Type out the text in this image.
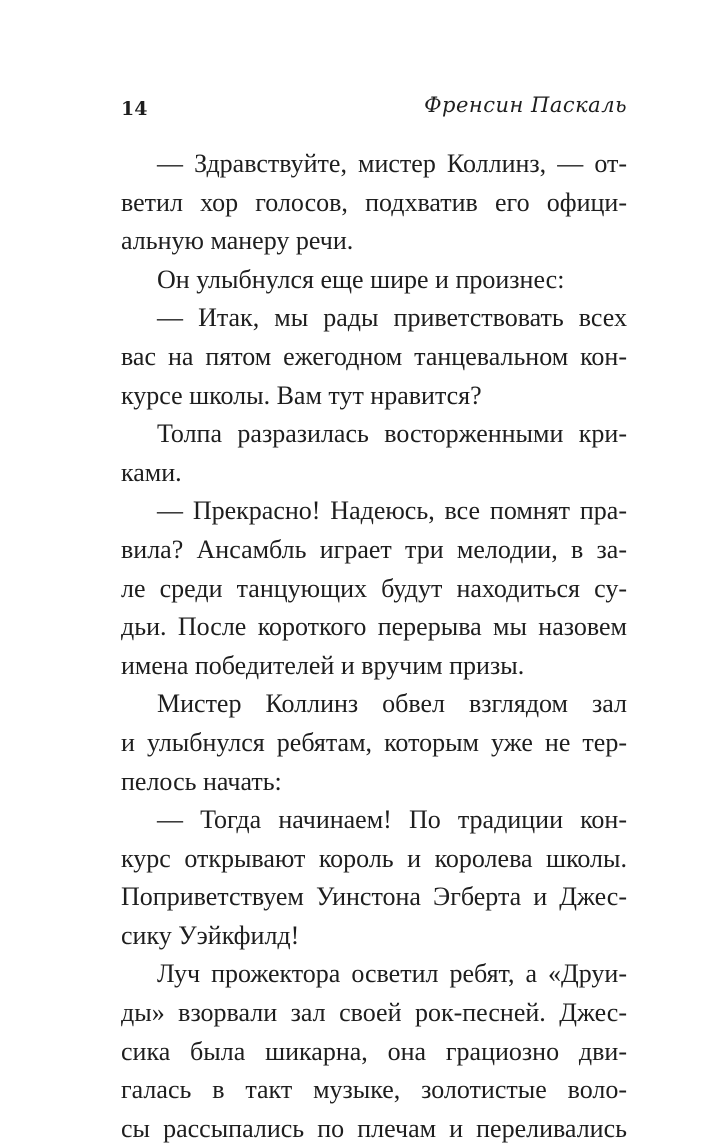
14	Френсин Паскаль
— Здравствуйте, мистер Коллинз, — от-
ветил хор голосов, подхватив его офици-
альную манеру речи.
Он улыбнулся еще шире и произнес:
— Итак, мы рады приветствовать всех
вас на пятом ежегодном танцевальном кон-
курсе школы. Вам тут нравится?
Толпа разразилась восторженными кри-
ками.
— Прекрасно! Надеюсь, все помнят пра-
вила? Ансамбль играет три мелодии, в за-
ле среди танцующих будут находиться су-
дьи. После короткого перерыва мы назовем
имена победителей и вручим призы.
Мистер Коллинз обвел взглядом зал
и улыбнулся ребятам, которым уже не тер-
пелось начать:
— Тогда начинаем! По традиции кон-
курс открывают король и королева школы.
Поприветствуем Уинстона Эгберта и Джес-
сику Уэйкфилд!
Луч прожектора осветил ребят, а «Друи-
ды» взорвали зал своей рок-песней. Джес-
сика была шикарна, она грациозно дви-
галась в такт музыке, золотистые воло-
сы рассыпались по плечам и переливались
